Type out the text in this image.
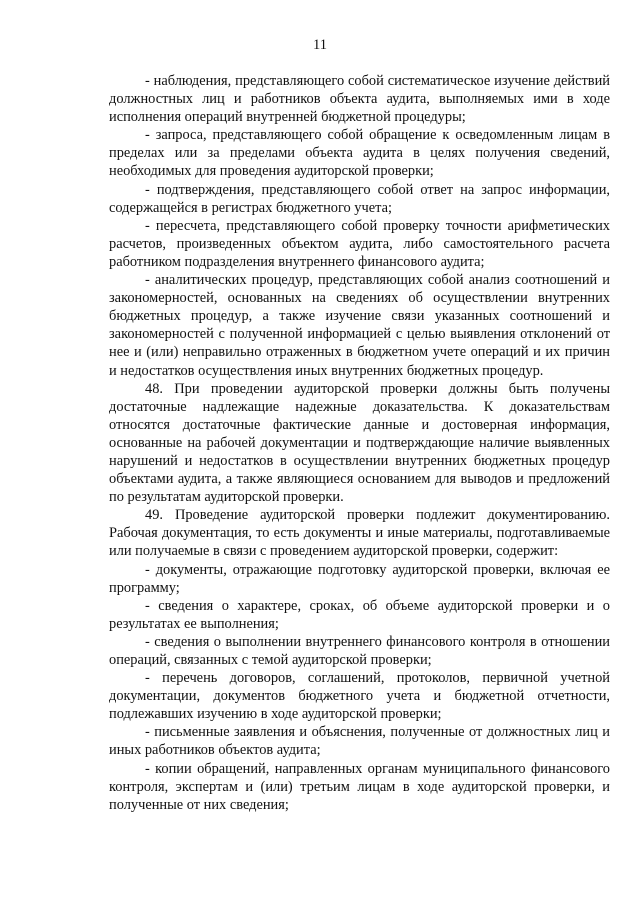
11

- наблюдения, представляющего собой систематическое изучение действий должностных лиц и работников объекта аудита, выполняемых ими в ходе исполнения операций внутренней бюджетной процедуры;

- запроса, представляющего собой обращение к осведомленным лицам в пределах или за пределами объекта аудита в целях получения сведений, необходимых для проведения аудиторской проверки;

- подтверждения, представляющего собой ответ на запрос информации, содержащейся в регистрах бюджетного учета;

- пересчета, представляющего собой проверку точности арифметических расчетов, произведенных объектом аудита, либо самостоятельного расчета работником подразделения внутреннего финансового аудита;

- аналитических процедур, представляющих собой анализ соотношений и закономерностей, основанных на сведениях об осуществлении внутренних бюджетных процедур, а также изучение связи указанных соотношений и закономерностей с полученной информацией с целью выявления отклонений от нее и (или) неправильно отраженных в бюджетном учете операций и их причин и недостатков осуществления иных внутренних бюджетных процедур.

48. При проведении аудиторской проверки должны быть получены достаточные надлежащие надежные доказательства. К доказательствам относятся достаточные фактические данные и достоверная информация, основанные на рабочей документации и подтверждающие наличие выявленных нарушений и недостатков в осуществлении внутренних бюджетных процедур объектами аудита, а также являющиеся основанием для выводов и предложений по результатам аудиторской проверки.

49. Проведение аудиторской проверки подлежит документированию. Рабочая документация, то есть документы и иные материалы, подготавливаемые или получаемые в связи с проведением аудиторской проверки, содержит:

- документы, отражающие подготовку аудиторской проверки, включая ее программу;

- сведения о характере, сроках, об объеме аудиторской проверки и о результатах ее выполнения;

- сведения о выполнении внутреннего финансового контроля в отношении операций, связанных с темой аудиторской проверки;

- перечень договоров, соглашений, протоколов, первичной учетной документации, документов бюджетного учета и бюджетной отчетности, подлежавших изучению в ходе аудиторской проверки;

- письменные заявления и объяснения, полученные от должностных лиц и иных работников объектов аудита;

- копии обращений, направленных органам муниципального финансового контроля, экспертам и (или) третьим лицам в ходе аудиторской проверки, и полученные от них сведения;
